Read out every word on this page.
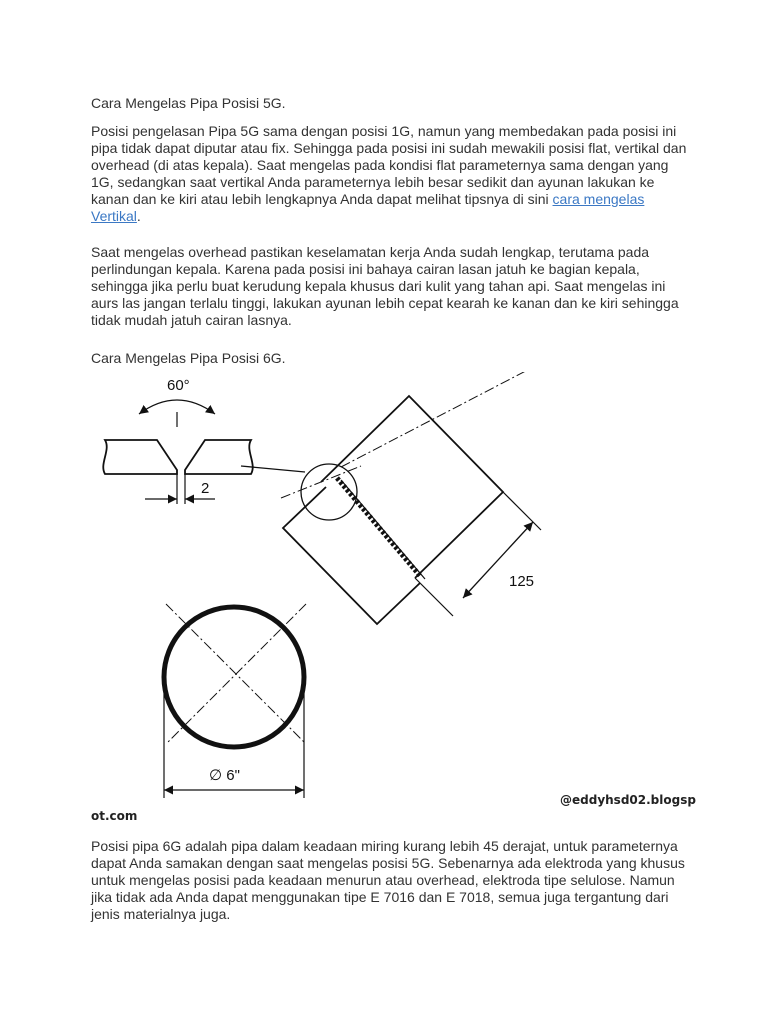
Cara Mengelas Pipa Posisi 5G.

Posisi pengelasan Pipa 5G sama dengan posisi 1G, namun yang membedakan pada posisi ini pipa tidak dapat diputar atau fix. Sehingga pada posisi ini sudah mewakili posisi flat, vertikal dan overhead (di atas kepala). Saat mengelas pada kondisi flat parameternya sama dengan yang 1G, sedangkan saat vertikal Anda parameternya lebih besar sedikit dan ayunan lakukan ke kanan dan ke kiri atau lebih lengkapnya Anda dapat melihat tipsnya di sini cara mengelas Vertikal.

Saat mengelas overhead pastikan keselamatan kerja Anda sudah lengkap, terutama pada perlindungan kepala. Karena pada posisi ini bahaya cairan lasan jatuh ke bagian kepala, sehingga jika perlu buat kerudung kepala khusus dari kulit yang tahan api. Saat mengelas ini aurs las jangan terlalu tinggi, lakukan ayunan lebih cepat kearah ke kanan dan ke kiri sehingga tidak mudah jatuh cairan lasnya.

Cara Mengelas Pipa Posisi 6G.
60°
2
125
∅ 6"
@eddyhsd02.blogsp
ot.com

Posisi pipa 6G adalah pipa dalam keadaan miring kurang lebih 45 derajat, untuk parameternya dapat Anda samakan dengan saat mengelas posisi 5G. Sebenarnya ada elektroda yang khusus untuk mengelas posisi pada keadaan menurun atau overhead, elektroda tipe selulose. Namun jika tidak ada Anda dapat menggunakan tipe E 7016 dan E 7018, semua juga tergantung dari jenis materialnya juga.
